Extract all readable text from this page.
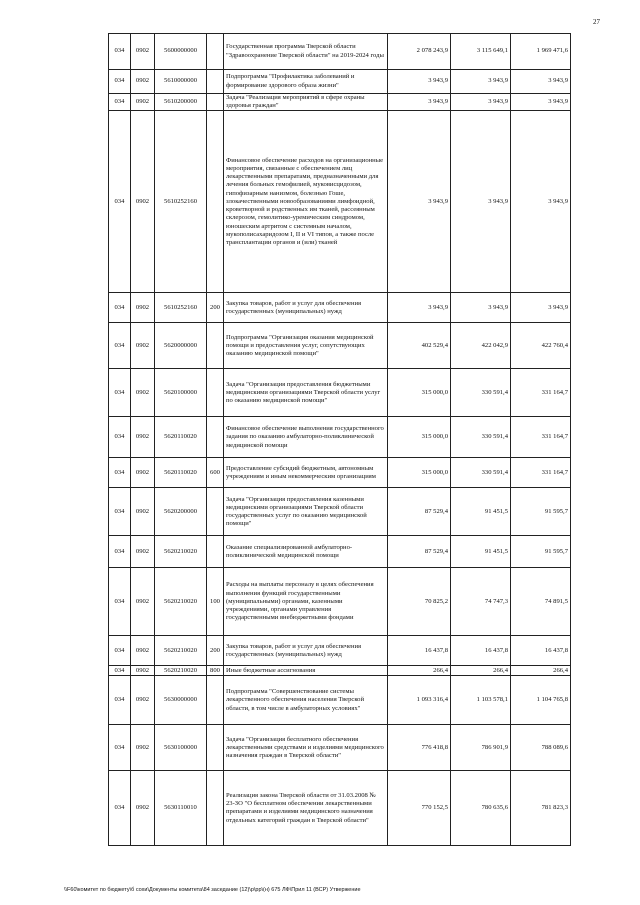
27
034	0902	5600000000		Государственная программа Тверской области "Здравоохранение Тверской области" на 2019-2024 годы	2 078 243,9	3 115 649,1	1 969 471,6
034	0902	5610000000		Подпрограмма "Профилактика заболеваний и формирование здорового образа жизни"	3 943,9	3 943,9	3 943,9
034	0902	5610200000		Задача "Реализация мероприятий в сфере охраны здоровья граждан"	3 943,9	3 943,9	3 943,9
034	0902	5610252160		Финансовое обеспечение расходов на организационные мероприятия, связанные с обеспечением лиц лекарственными препаратами, предназначенными для лечения больных гемофилией, муковисцидозом, гипофизарным нанизмом, болезнью Гоше, злокачественными новообразованиями лимфоидной, кроветворной и родственных им тканей, рассеянным склерозом, гемолитико-уремическим синдромом, юношеским артритом с системным началом, мукополисахаридозом I, II и VI типов, а также после трансплантации органов и (или) тканей	3 943,9	3 943,9	3 943,9
034	0902	5610252160	200	Закупка товаров, работ и услуг для обеспечения государственных (муниципальных) нужд	3 943,9	3 943,9	3 943,9
034	0902	5620000000		Подпрограмма "Организация оказания медицинской помощи и предоставления услуг, сопутствующих оказанию медицинской помощи"	402 529,4	422 042,9	422 760,4
034	0902	5620100000		Задача "Организация предоставления бюджетными медицинскими организациями Тверской области услуг по оказанию медицинской помощи"	315 000,0	330 591,4	331 164,7
034	0902	5620110020		Финансовое обеспечение выполнения государственного задания по оказанию амбулаторно-поликлинической медицинской помощи	315 000,0	330 591,4	331 164,7
034	0902	5620110020	600	Предоставление субсидий бюджетным, автономным учреждениям и иным некоммерческим организациям	315 000,0	330 591,4	331 164,7
034	0902	5620200000		Задача "Организация предоставления казенными медицинскими организациями Тверской области государственных услуг по оказанию медицинской помощи"	87 529,4	91 451,5	91 595,7
034	0902	5620210020		Оказание специализированной амбулаторно-поликлинической медицинской помощи	87 529,4	91 451,5	91 595,7
034	0902	5620210020	100	Расходы на выплаты персоналу в целях обеспечения выполнения функций государственными (муниципальными) органами, казенными учреждениями, органами управления государственными внебюджетными фондами	70 825,2	74 747,3	74 891,5
034	0902	5620210020	200	Закупка товаров, работ и услуг для обеспечения государственных (муниципальных) нужд	16 437,8	16 437,8	16 437,8
034	0902	5620210020	800	Иные бюджетные ассигнования	266,4	266,4	266,4
034	0902	5630000000		Подпрограмма "Совершенствование системы лекарственного обеспечения населения Тверской области, в том числе в амбулаторных условиях"	1 093 316,4	1 103 578,1	1 104 765,8
034	0902	5630100000		Задача "Организация бесплатного обеспечения лекарственными средствами и изделиями медицинского назначения граждан в Тверской области"	776 418,8	786 901,9	788 089,6
034	0902	5630110010		Реализация закона Тверской области от 31.03.2008 № 23-ЗО "О бесплатном обеспечении лекарственными препаратами и изделиями медицинского назначения отдельных категорий граждан в Тверской области"	770 152,5	780 635,6	781 823,3
\\F60\комитет по бюджету\б сохи\Документы комитета\84 заседание (12)\р\рр\(н) 675 ЛФ\Прил 11 (ВСР) Утвержение
